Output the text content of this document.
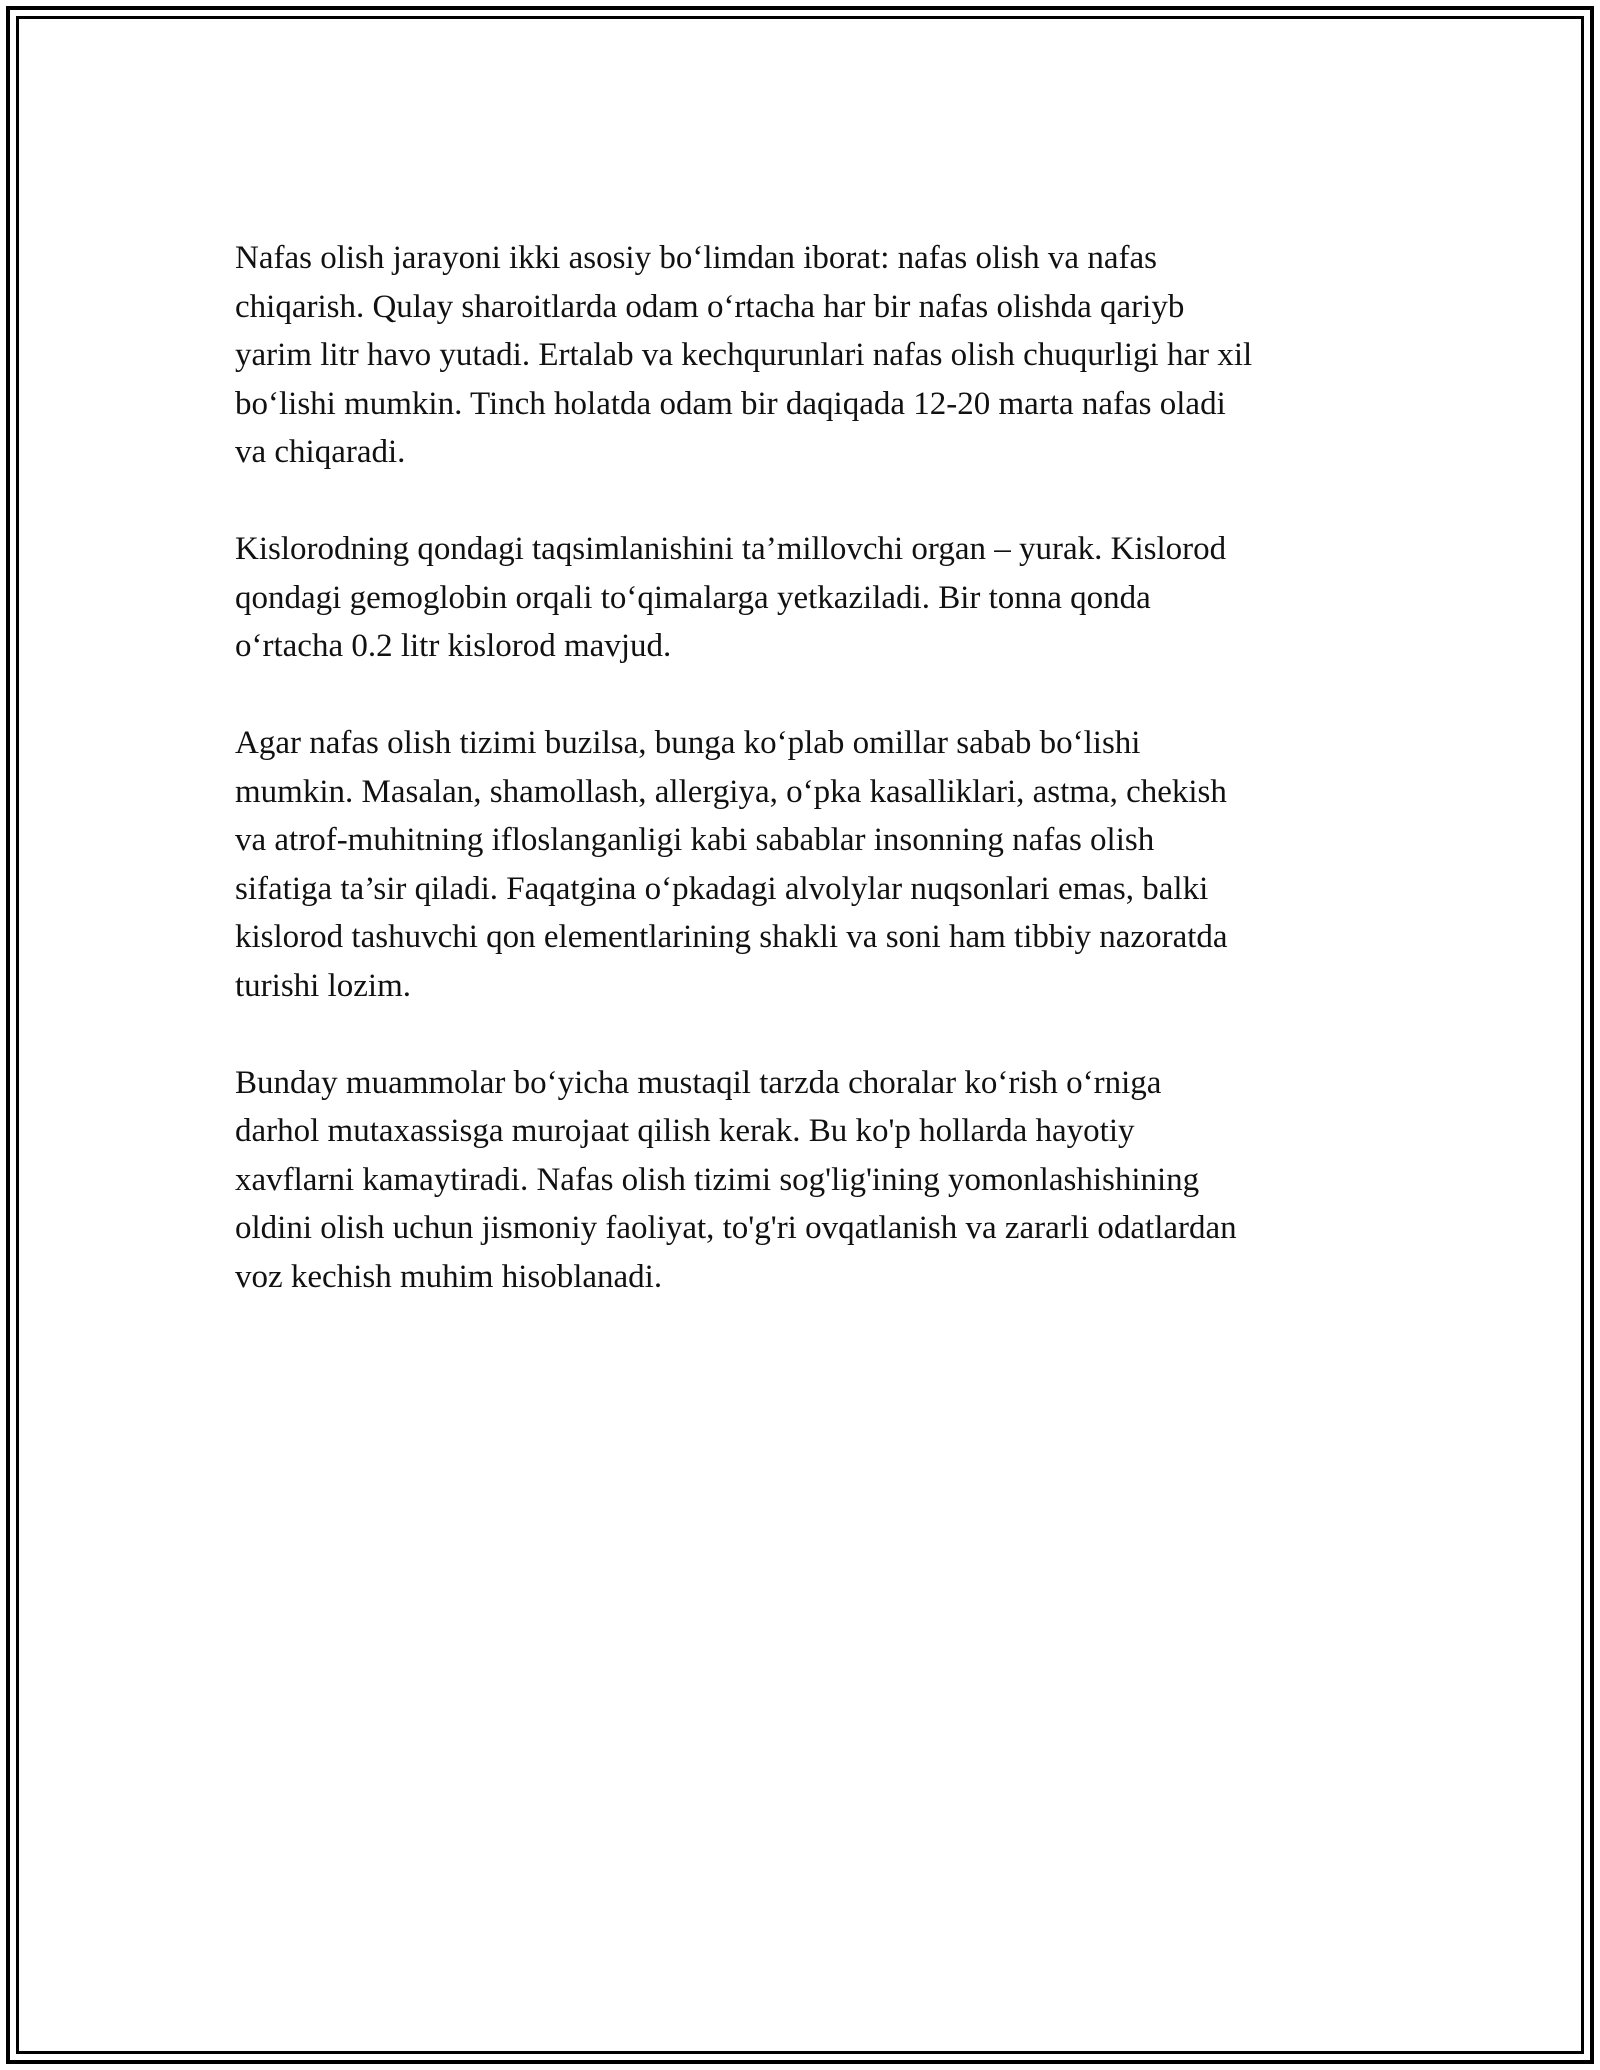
Nafas olish jarayoni ikki asosiy bo‘limdan iborat: nafas olish va nafas
chiqarish. Qulay sharoitlarda odam o‘rtacha har bir nafas olishda qariyb
yarim litr havo yutadi. Ertalab va kechqurunlari nafas olish chuqurligi har xil
bo‘lishi mumkin. Tinch holatda odam bir daqiqada 12-20 marta nafas oladi
va chiqaradi.

Kislorodning qondagi taqsimlanishini ta’millovchi organ – yurak. Kislorod
qondagi gemoglobin orqali to‘qimalarga yetkaziladi. Bir tonna qonda
o‘rtacha 0.2 litr kislorod mavjud.

Agar nafas olish tizimi buzilsa, bunga ko‘plab omillar sabab bo‘lishi
mumkin. Masalan, shamollash, allergiya, o‘pka kasalliklari, astma, chekish
va atrof-muhitning ifloslanganligi kabi sabablar insonning nafas olish
sifatiga ta’sir qiladi. Faqatgina o‘pkadagi alvolylar nuqsonlari emas, balki
kislorod tashuvchi qon elementlarining shakli va soni ham tibbiy nazoratda
turishi lozim.

Bunday muammolar bo‘yicha mustaqil tarzda choralar ko‘rish o‘rniga
darhol mutaxassisga murojaat qilish kerak. Bu ko'p hollarda hayotiy
xavflarni kamaytiradi. Nafas olish tizimi sog'lig'ining yomonlashishining
oldini olish uchun jismoniy faoliyat, to'g'ri ovqatlanish va zararli odatlardan
voz kechish muhim hisoblanadi.
